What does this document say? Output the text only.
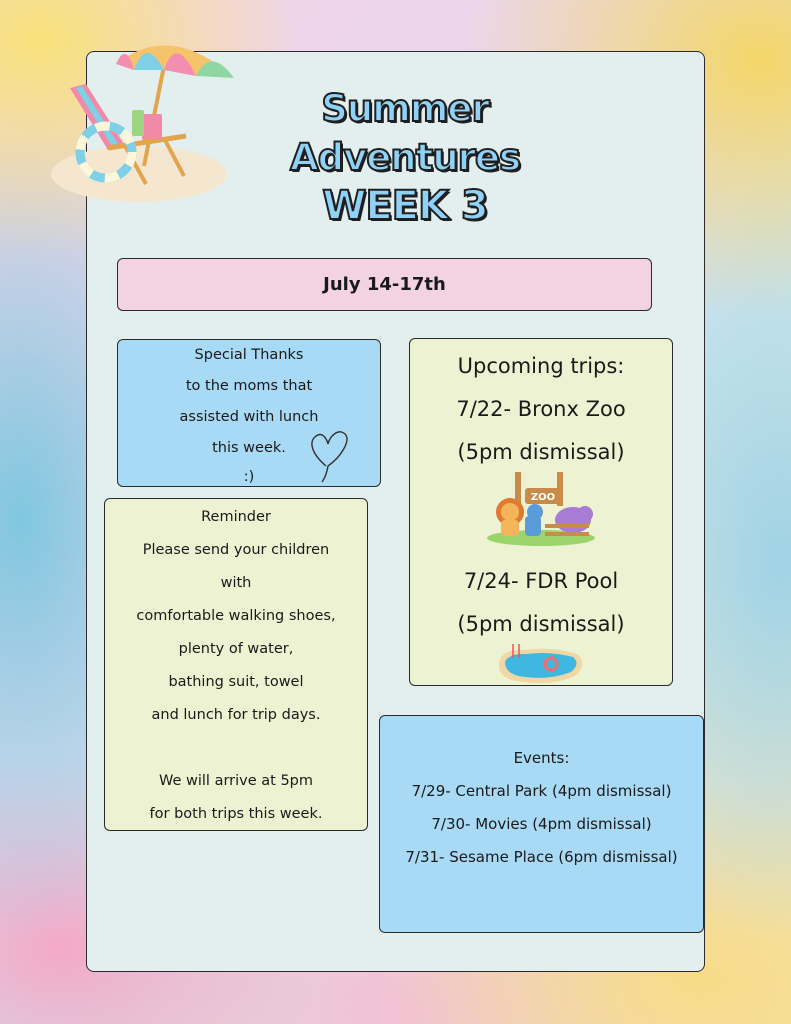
Summer
Adventures
WEEK 3
July 14-17th
Special Thanks
to the moms that
assisted with lunch
this week.
:)
Reminder
Please send your children
with
comfortable walking shoes,
plenty of water,
bathing suit, towel
and lunch for trip days.
We will arrive at 5pm
for both trips this week.
Upcoming trips:
7/22- Bronx Zoo
(5pm dismissal)
7/24- FDR Pool
(5pm dismissal)
ZOO
Events:
7/29- Central Park (4pm dismissal)
7/30- Movies (4pm dismissal)
7/31- Sesame Place (6pm dismissal)
